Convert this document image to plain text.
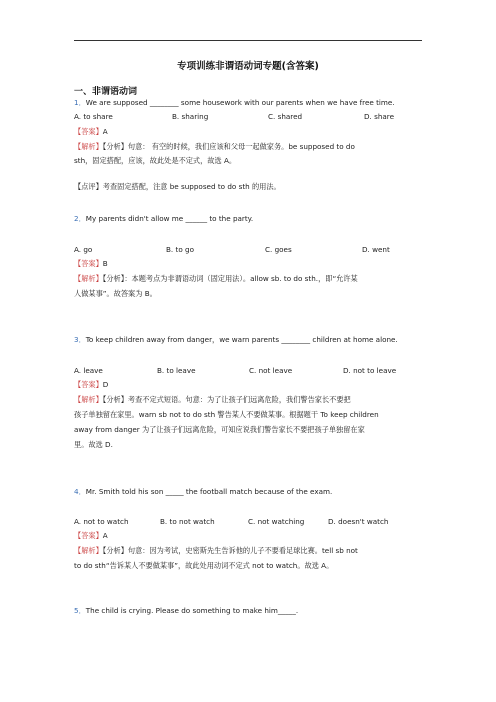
专项训练非谓语动词专题(含答案)
一、非谓语动词
1．We are supposed ________ some housework with our parents when we have free time.
A. to share	B. sharing	C. shared	D. share
【答案】A
【解析】【分析】句意： 有空的时候，我们应该和父母一起做家务。be supposed to do
sth，固定搭配，应该，故此处是不定式，故选 A。
【点评】考查固定搭配，注意 be supposed to do sth 的用法。
2．My parents didn't allow me ______ to the party.
A. go	B. to go	C. goes	D. went
【答案】B
【解析】【分析】：本题考点为非谓语动词（固定用法）。allow sb. to do sth.，即“允许某
人做某事”。故答案为 B。
3．To keep children away from danger，we warn parents ________ children at home alone.
A. leave	B. to leave	C. not leave	D. not to leave
【答案】D
【解析】【分析】考查不定式短语。句意：为了让孩子们远离危险，我们警告家长不要把
孩子单独留在家里。warn sb not to do sth 警告某人不要做某事。根据题干 To keep children
away from danger 为了让孩子们远离危险，可知应说我们警告家长不要把孩子单独留在家
里。故选 D.
4．Mr. Smith told his son _____ the football match because of the exam.
A. not to watch	B. to not watch	C. not watching	D. doesn't watch
【答案】A
【解析】【分析】句意：因为考试，史密斯先生告诉他的儿子不要看足球比赛。tell sb not
to do sth“告诉某人不要做某事”，故此处用动词不定式 not to watch。故选 A。
5．The child is crying. Please do something to make him_____.
